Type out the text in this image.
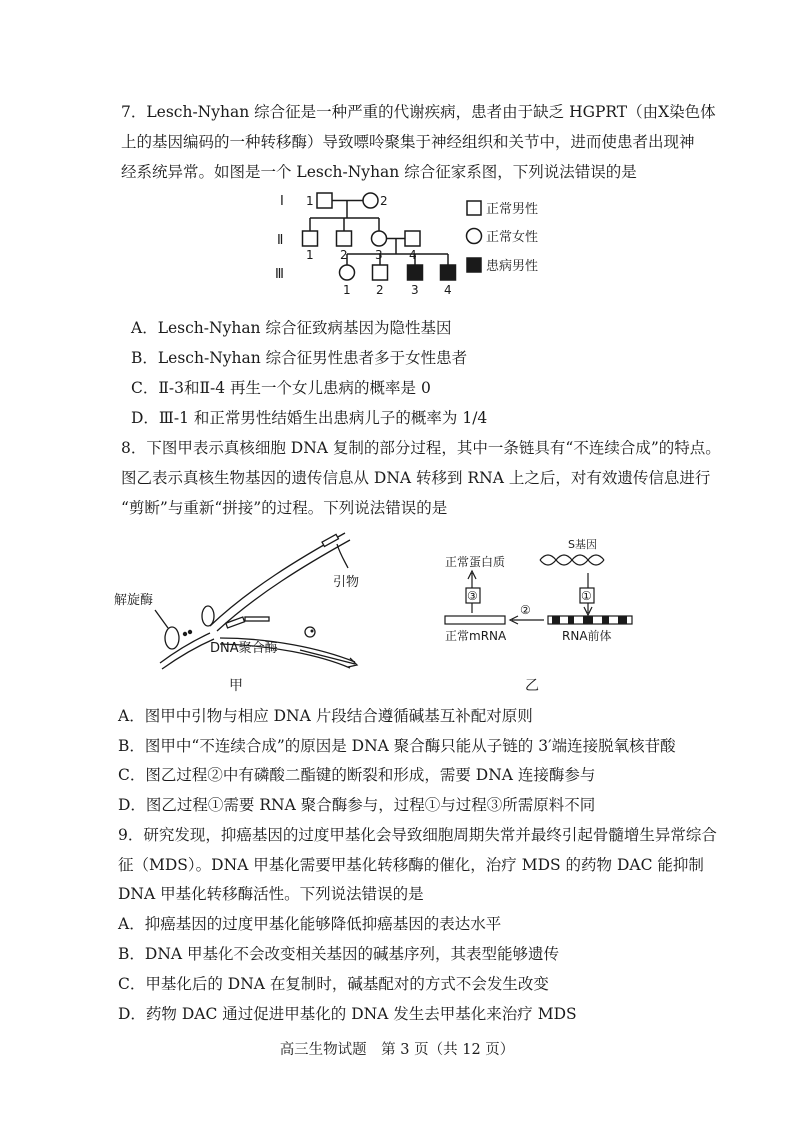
7．Lesch-Nyhan 综合征是一种严重的代谢疾病，患者由于缺乏 HGPRT（由X染色体
上的基因编码的一种转移酶）导致嘌呤聚集于神经组织和关节中，进而使患者出现神
经系统异常。如图是一个 Lesch-Nyhan 综合征家系图，下列说法错误的是
Ⅰ
Ⅱ
Ⅲ
1	2
1 2 3 4
1 2 3 4
正常男性
正常女性
患病男性
A．Lesch-Nyhan 综合征致病基因为隐性基因
B．Lesch-Nyhan 综合征男性患者多于女性患者
C．Ⅱ-3和Ⅱ-4 再生一个女儿患病的概率是 0
D．Ⅲ-1 和正常男性结婚生出患病儿子的概率为 1/4
8．下图甲表示真核细胞 DNA 复制的部分过程，其中一条链具有“不连续合成”的特点。
图乙表示真核生物基因的遗传信息从 DNA 转移到 RNA 上之后，对有效遗传信息进行
“剪断”与重新“拼接”的过程。下列说法错误的是
引物
解旋酶
DNA聚合酶
甲
S基因
正常蛋白质
①
②
③
正常mRNA	RNA前体
乙
A．图甲中引物与相应 DNA 片段结合遵循碱基互补配对原则
B．图甲中“不连续合成”的原因是 DNA 聚合酶只能从子链的 3′端连接脱氧核苷酸
C．图乙过程②中有磷酸二酯键的断裂和形成，需要 DNA 连接酶参与
D．图乙过程①需要 RNA 聚合酶参与，过程①与过程③所需原料不同
9．研究发现，抑癌基因的过度甲基化会导致细胞周期失常并最终引起骨髓增生异常综合
征（MDS）。DNA 甲基化需要甲基化转移酶的催化，治疗 MDS 的药物 DAC 能抑制
DNA 甲基化转移酶活性。下列说法错误的是
A．抑癌基因的过度甲基化能够降低抑癌基因的表达水平
B．DNA 甲基化不会改变相关基因的碱基序列，其表型能够遗传
C．甲基化后的 DNA 在复制时，碱基配对的方式不会发生改变
D．药物 DAC 通过促进甲基化的 DNA 发生去甲基化来治疗 MDS
高三生物试题　第 3 页（共 12 页）
